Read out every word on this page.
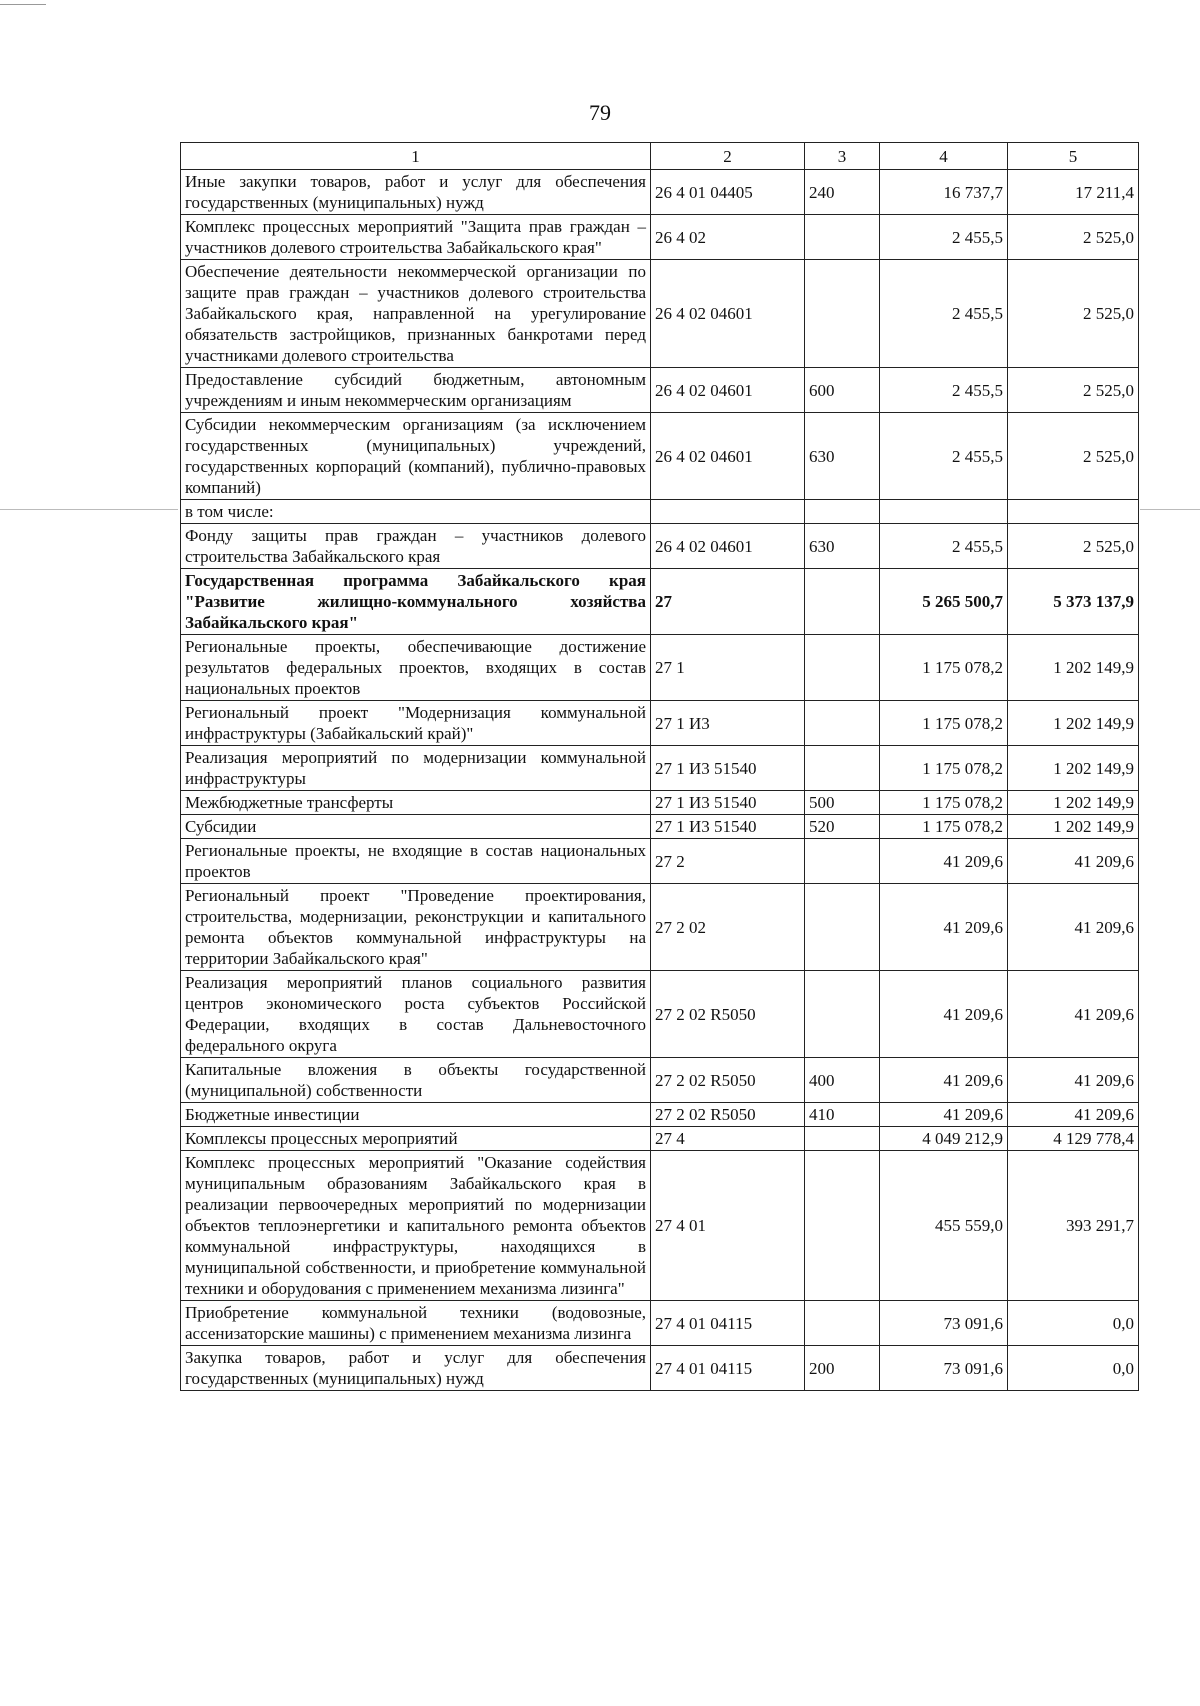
79
1	2	3	4	5
Иные закупки товаров, работ и услуг для обеспечения государственных (муниципальных) нужд	26 4 01 04405	240	16 737,7	17 211,4
Комплекс процессных мероприятий "Защита прав граждан – участников долевого строительства Забайкальского края"	26 4 02		2 455,5	2 525,0
Обеспечение деятельности некоммерческой организации по защите прав граждан – участников долевого строительства Забайкальского края, направленной на урегулирование обязательств застройщиков, признанных банкротами перед участниками долевого строительства	26 4 02 04601		2 455,5	2 525,0
Предоставление субсидий бюджетным, автономным учреждениям и иным некоммерческим организациям	26 4 02 04601	600	2 455,5	2 525,0
Субсидии некоммерческим организациям (за исключением государственных (муниципальных) учреждений, государственных корпораций (компаний), публично-правовых компаний)	26 4 02 04601	630	2 455,5	2 525,0
в том числе:				
Фонду защиты прав граждан – участников долевого строительства Забайкальского края	26 4 02 04601	630	2 455,5	2 525,0
Государственная программа Забайкальского края "Развитие жилищно-коммунального хозяйства Забайкальского края"	27		5 265 500,7	5 373 137,9
Региональные проекты, обеспечивающие достижение результатов федеральных проектов, входящих в состав национальных проектов	27 1		1 175 078,2	1 202 149,9
Региональный проект "Модернизация коммунальной инфраструктуры (Забайкальский край)"	27 1 И3		1 175 078,2	1 202 149,9
Реализация мероприятий по модернизации коммунальной инфраструктуры	27 1 И3 51540		1 175 078,2	1 202 149,9
Межбюджетные трансферты	27 1 И3 51540	500	1 175 078,2	1 202 149,9
Субсидии	27 1 И3 51540	520	1 175 078,2	1 202 149,9
Региональные проекты, не входящие в состав национальных проектов	27 2		41 209,6	41 209,6
Региональный проект "Проведение проектирования, строительства, модернизации, реконструкции и капитального ремонта объектов коммунальной инфраструктуры на территории Забайкальского края"	27 2 02		41 209,6	41 209,6
Реализация мероприятий планов социального развития центров экономического роста субъектов Российской Федерации, входящих в состав Дальневосточного федерального округа	27 2 02 R5050		41 209,6	41 209,6
Капитальные вложения в объекты государственной (муниципальной) собственности	27 2 02 R5050	400	41 209,6	41 209,6
Бюджетные инвестиции	27 2 02 R5050	410	41 209,6	41 209,6
Комплексы процессных мероприятий	27 4		4 049 212,9	4 129 778,4
Комплекс процессных мероприятий "Оказание содействия муниципальным образованиям Забайкальского края в реализации первоочередных мероприятий по модернизации объектов теплоэнергетики и капитального ремонта объектов коммунальной инфраструктуры, находящихся в муниципальной собственности, и приобретение коммунальной техники и оборудования с применением механизма лизинга"	27 4 01		455 559,0	393 291,7
Приобретение коммунальной техники (водовозные, ассенизаторские машины) с применением механизма лизинга	27 4 01 04115		73 091,6	0,0
Закупка товаров, работ и услуг для обеспечения государственных (муниципальных) нужд	27 4 01 04115	200	73 091,6	0,0
